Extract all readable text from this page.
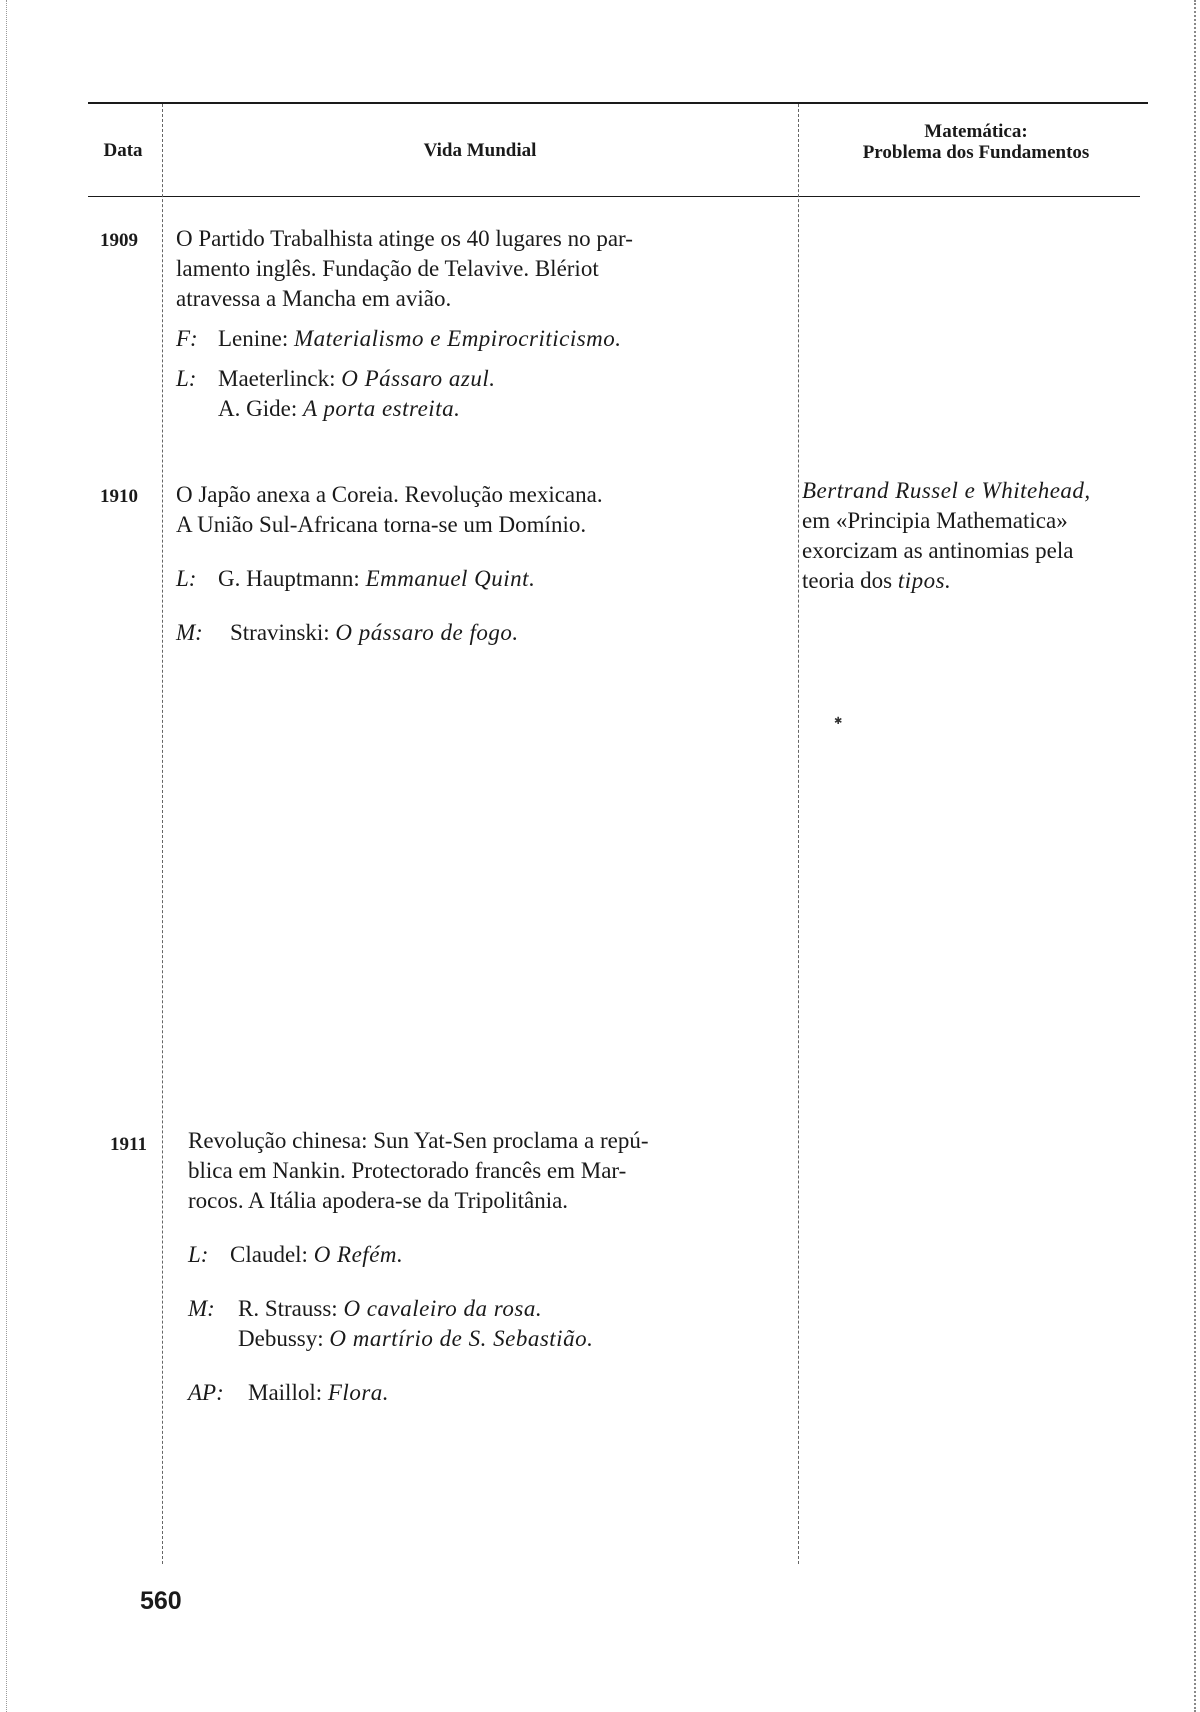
Data	Vida Mundial
Matemática:
Problema dos Fundamentos
1909 O Partido Trabalhista atinge os 40 lugares no par-
lamento inglês. Fundação de Telavive. Blériot
atravessa a Mancha em avião.
F: Lenine: Materialismo e Empirocriticismo.
L: Maeterlinck: O Pássaro azul.
A. Gide: A porta estreita.
1910 O Japão anexa a Coreia. Revolução mexicana.
A União Sul-Africana torna-se um Domínio.
L: G. Hauptmann: Emmanuel Quint.
M: Stravinski: O pássaro de fogo.
Bertrand Russel e Whitehead,
em «Principia Mathematica»
exorcizam as antinomias pela
teoria dos tipos.
1911 Revolução chinesa: Sun Yat-Sen proclama a repú-
blica em Nankin. Protectorado francês em Mar-
rocos. A Itália apodera-se da Tripolitânia.
L: Claudel: O Refém.
M: R. Strauss: O cavaleiro da rosa.
Debussy: O martírio de S. Sebastião.
AP: Maillol: Flora.
✱
560
